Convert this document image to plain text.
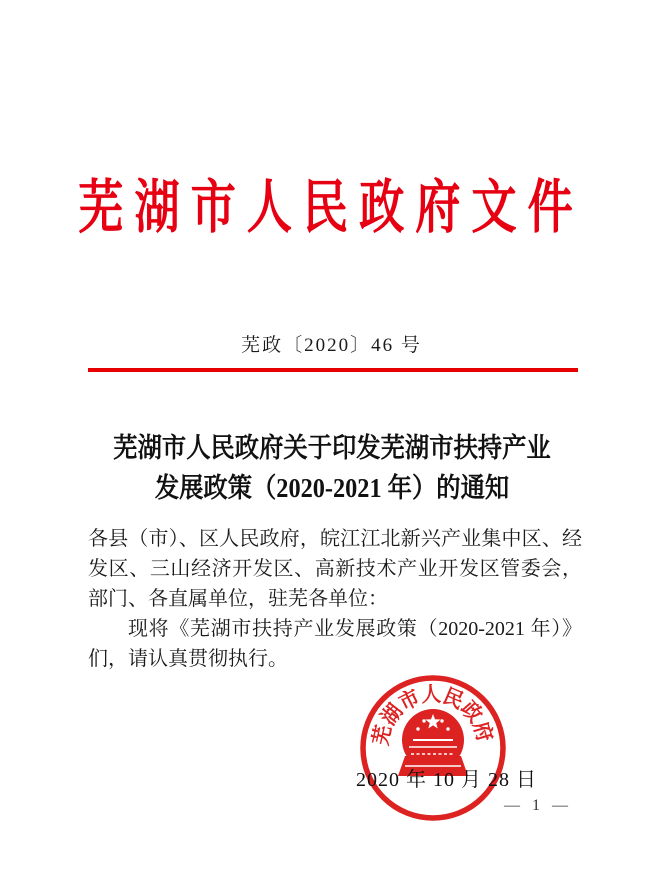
芜湖市人民政府文件
芜政〔2020〕46 号
芜湖市人民政府关于印发芜湖市扶持产业
发展政策（2020-2021 年）的通知
各县（市）、区人民政府，皖江江北新兴产业集中区、经
发区、三山经济开发区、高新技术产业开发区管委会，
部门、各直属单位，驻芜各单位：
现将《芜湖市扶持产业发展政策（2020-2021 年）》
们，请认真贯彻执行。
芜湖市人民政府
2020 年 10 月 28 日
— 1 —
